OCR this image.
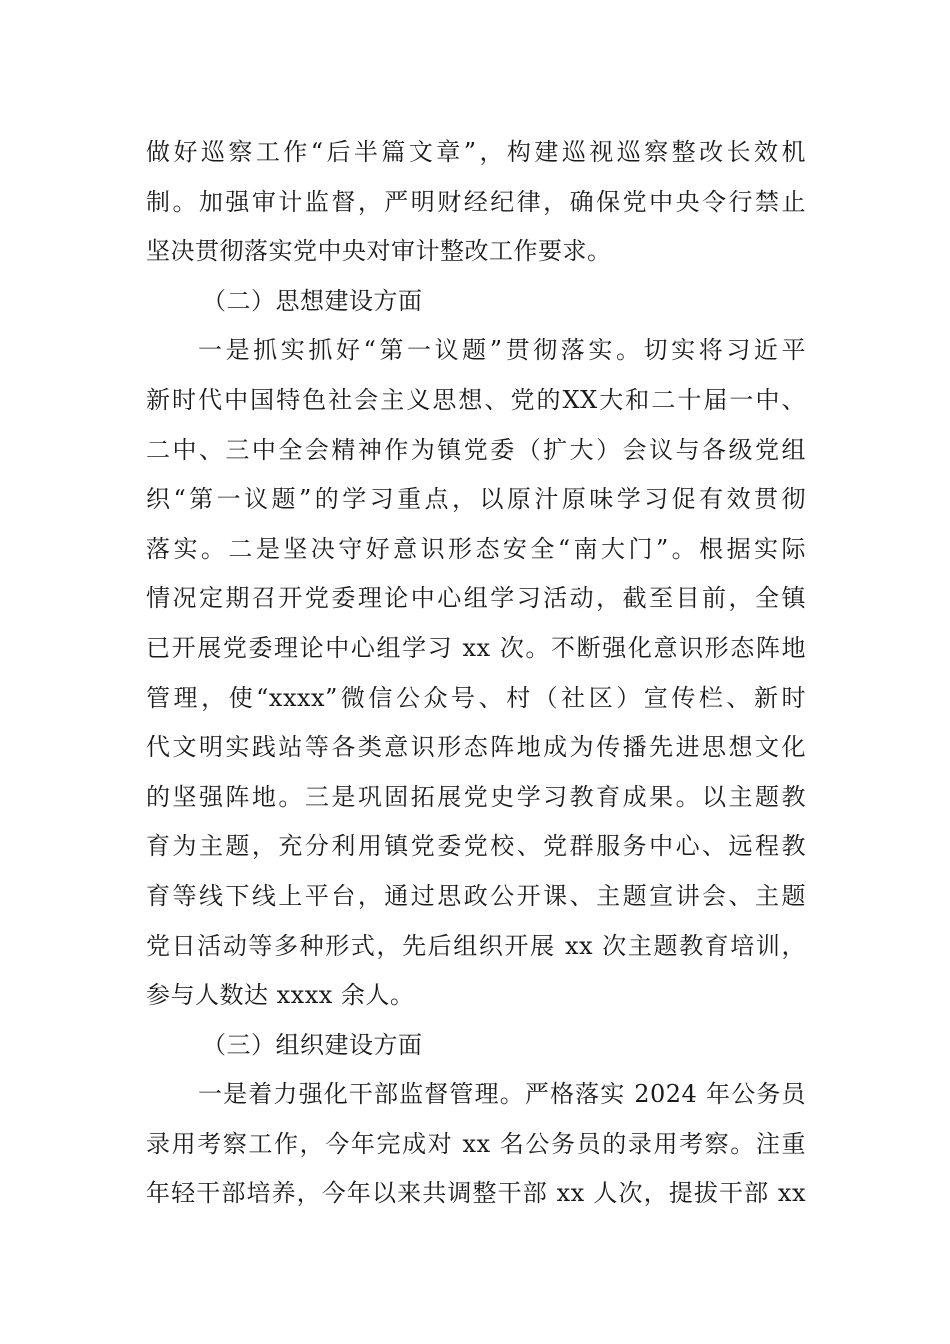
做好巡察工作“后半篇文章”，构建巡视巡察整改长效机
制。加强审计监督，严明财经纪律，确保党中央令行禁止
坚决贯彻落实党中央对审计整改工作要求。
（二）思想建设方面
一是抓实抓好“第一议题”贯彻落实。切实将习近平
新时代中国特色社会主义思想、党的XX大和二十届一中、
二中、三中全会精神作为镇党委（扩大）会议与各级党组
织“第一议题”的学习重点，以原汁原味学习促有效贯彻
落实。二是坚决守好意识形态安全“南大门”。根据实际
情况定期召开党委理论中心组学习活动，截至目前，全镇
已开展党委理论中心组学习 xx 次。不断强化意识形态阵地
管理，使“xxxx”微信公众号、村（社区）宣传栏、新时
代文明实践站等各类意识形态阵地成为传播先进思想文化
的坚强阵地。三是巩固拓展党史学习教育成果。以主题教
育为主题，充分利用镇党委党校、党群服务中心、远程教
育等线下线上平台，通过思政公开课、主题宣讲会、主题
党日活动等多种形式，先后组织开展 xx 次主题教育培训，
参与人数达 xxxx 余人。
（三）组织建设方面
一是着力强化干部监督管理。严格落实 2024 年公务员
录用考察工作，今年完成对 xx 名公务员的录用考察。注重
年轻干部培养，今年以来共调整干部 xx 人次，提拔干部 xx
